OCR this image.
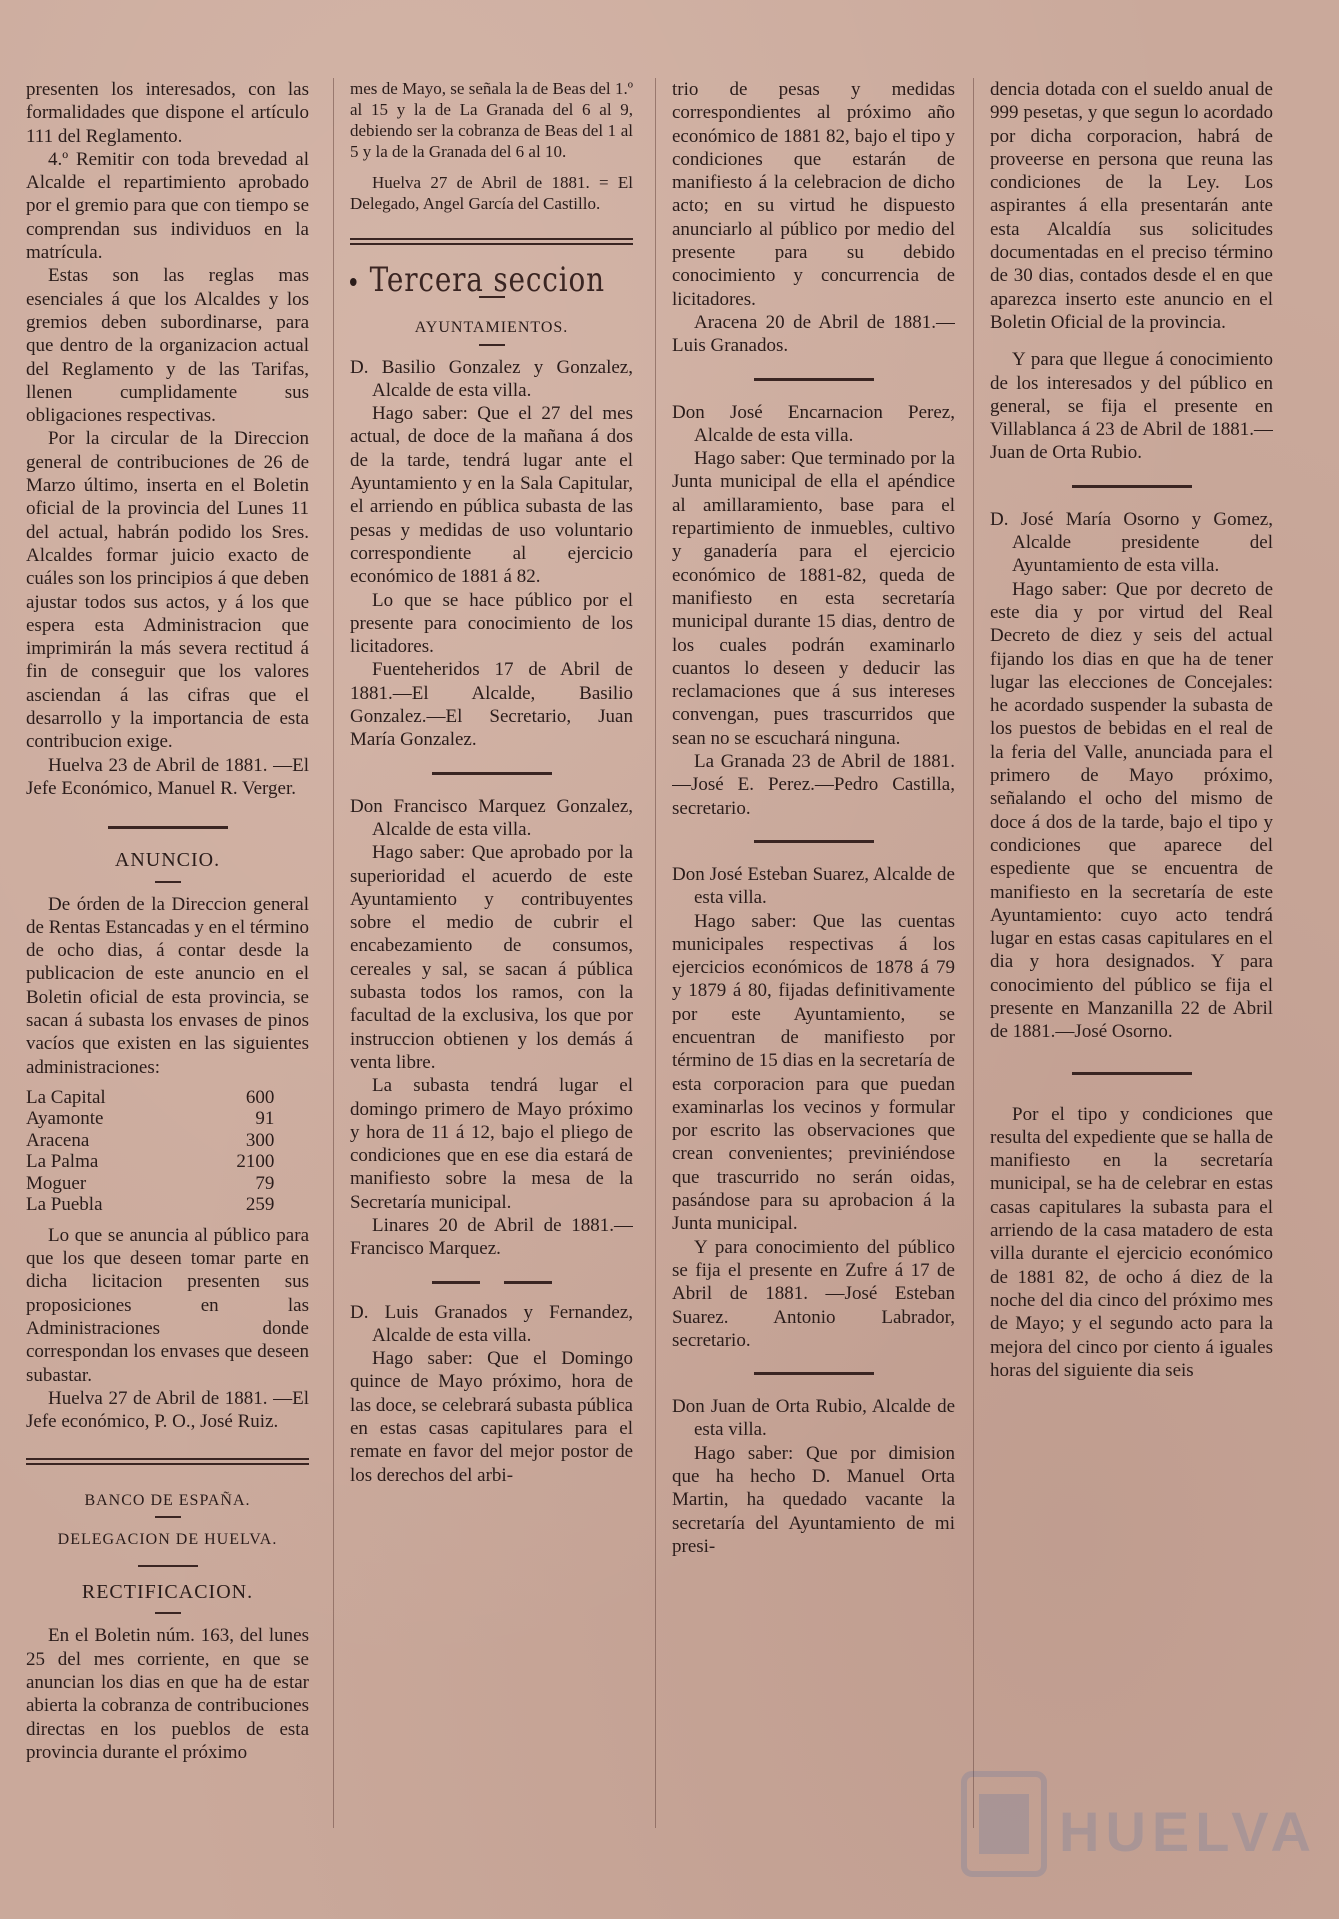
presenten los interesados, con las formalidades que dispone el artículo 111 del Reglamento.

4.º Remitir con toda brevedad al Alcalde el repartimiento aprobado por el gremio para que con tiempo se comprendan sus individuos en la matrícula.

Estas son las reglas mas esenciales á que los Alcaldes y los gremios deben subordinarse, para que dentro de la organizacion actual del Reglamento y de las Tarifas, llenen cumplidamente sus obligaciones respectivas.

Por la circular de la Direccion general de contribuciones de 26 de Marzo último, inserta en el Boletin oficial de la provincia del Lunes 11 del actual, habrán podido los Sres. Alcaldes formar juicio exacto de cuáles son los principios á que deben ajustar todos sus actos, y á los que espera esta Administracion que imprimirán la más severa rectitud á fin de conseguir que los valores asciendan á las cifras que el desarrollo y la importancia de esta contribucion exige.

Huelva 23 de Abril de 1881. —El Jefe Económico, Manuel R. Verger.

ANUNCIO.

De órden de la Direccion general de Rentas Estancadas y en el término de ocho dias, á contar desde la publicacion de este anuncio en el Boletin oficial de esta provincia, se sacan á subasta los envases de pinos vacíos que existen en las siguientes administraciones:

La Capital	600
Ayamonte	91
Aracena	300
La Palma	2100
Moguer	79
La Puebla	259

Lo que se anuncia al público para que los que deseen tomar parte en dicha licitacion presenten sus proposiciones en las Administraciones donde correspondan los envases que deseen subastar.

Huelva 27 de Abril de 1881. —El Jefe económico, P. O., José Ruiz.

BANCO DE ESPAÑA.
DELEGACION DE HUELVA.
RECTIFICACION.

En el Boletin núm. 163, del lunes 25 del mes corriente, en que se anuncian los dias en que ha de estar abierta la cobranza de contribuciones directas en los pueblos de esta provincia durante el próximo

mes de Mayo, se señala la de Beas del 1.º al 15 y la de La Granada del 6 al 9, debiendo ser la cobranza de Beas del 1 al 5 y la de la Granada del 6 al 10.

Huelva 27 de Abril de 1881. = El Delegado, Angel García del Castillo.

Tercera seccion
AYUNTAMIENTOS.

D. Basilio Gonzalez y Gonzalez, Alcalde de esta villa.

Hago saber: Que el 27 del mes actual, de doce de la mañana á dos de la tarde, tendrá lugar ante el Ayuntamiento y en la Sala Capitular, el arriendo en pública subasta de las pesas y medidas de uso voluntario correspondiente al ejercicio económico de 1881 á 82.

Lo que se hace público por el presente para conocimiento de los licitadores.

Fuenteheridos 17 de Abril de 1881.—El Alcalde, Basilio Gonzalez.—El Secretario, Juan María Gonzalez.

Don Francisco Marquez Gonzalez, Alcalde de esta villa.

Hago saber: Que aprobado por la superioridad el acuerdo de este Ayuntamiento y contribuyentes sobre el medio de cubrir el encabezamiento de consumos, cereales y sal, se sacan á pública subasta todos los ramos, con la facultad de la exclusiva, los que por instruccion obtienen y los demás á venta libre.

La subasta tendrá lugar el domingo primero de Mayo próximo y hora de 11 á 12, bajo el pliego de condiciones que en ese dia estará de manifiesto sobre la mesa de la Secretaría municipal.

Linares 20 de Abril de 1881.—Francisco Marquez.

D. Luis Granados y Fernandez, Alcalde de esta villa.

Hago saber: Que el Domingo quince de Mayo próximo, hora de las doce, se celebrará subasta pública en estas casas capitulares para el remate en favor del mejor postor de los derechos del arbi-

trio de pesas y medidas correspondientes al próximo año económico de 1881 82, bajo el tipo y condiciones que estarán de manifiesto á la celebracion de dicho acto; en su virtud he dispuesto anunciarlo al público por medio del presente para su debido conocimiento y concurrencia de licitadores.

Aracena 20 de Abril de 1881.—Luis Granados.

Don José Encarnacion Perez, Alcalde de esta villa.

Hago saber: Que terminado por la Junta municipal de ella el apéndice al amillaramiento, base para el repartimiento de inmuebles, cultivo y ganadería para el ejercicio económico de 1881-82, queda de manifiesto en esta secretaría municipal durante 15 dias, dentro de los cuales podrán examinarlo cuantos lo deseen y deducir las reclamaciones que á sus intereses convengan, pues trascurridos que sean no se escuchará ninguna.

La Granada 23 de Abril de 1881.—José E. Perez.—Pedro Castilla, secretario.

Don José Esteban Suarez, Alcalde de esta villa.

Hago saber: Que las cuentas municipales respectivas á los ejercicios económicos de 1878 á 79 y 1879 á 80, fijadas definitivamente por este Ayuntamiento, se encuentran de manifiesto por término de 15 dias en la secretaría de esta corporacion para que puedan examinarlas los vecinos y formular por escrito las observaciones que crean convenientes; previniéndose que trascurrido no serán oidas, pasándose para su aprobacion á la Junta municipal.

Y para conocimiento del público se fija el presente en Zufre á 17 de Abril de 1881. —José Esteban Suarez. Antonio Labrador, secretario.

Don Juan de Orta Rubio, Alcalde de esta villa.

Hago saber: Que por dimision que ha hecho D. Manuel Orta Martin, ha quedado vacante la secretaría del Ayuntamiento de mi presi-

dencia dotada con el sueldo anual de 999 pesetas, y que segun lo acordado por dicha corporacion, habrá de proveerse en persona que reuna las condiciones de la Ley. Los aspirantes á ella presentarán ante esta Alcaldía sus solicitudes documentadas en el preciso término de 30 dias, contados desde el en que aparezca inserto este anuncio en el Boletin Oficial de la provincia.

Y para que llegue á conocimiento de los interesados y del público en general, se fija el presente en Villablanca á 23 de Abril de 1881.—Juan de Orta Rubio.

D. José María Osorno y Gomez, Alcalde presidente del Ayuntamiento de esta villa.

Hago saber: Que por decreto de este dia y por virtud del Real Decreto de diez y seis del actual fijando los dias en que ha de tener lugar las elecciones de Concejales: he acordado suspender la subasta de los puestos de bebidas en el real de la feria del Valle, anunciada para el primero de Mayo próximo, señalando el ocho del mismo de doce á dos de la tarde, bajo el tipo y condiciones que aparece del espediente que se encuentra de manifiesto en la secretaría de este Ayuntamiento: cuyo acto tendrá lugar en estas casas capitulares en el dia y hora designados. Y para conocimiento del público se fija el presente en Manzanilla 22 de Abril de 1881.—José Osorno.

Por el tipo y condiciones que resulta del expediente que se halla de manifiesto en la secretaría municipal, se ha de celebrar en estas casas capitulares la subasta para el arriendo de la casa matadero de esta villa durante el ejercicio económico de 1881 82, de ocho á diez de la noche del dia cinco del próximo mes de Mayo; y el segundo acto para la mejora del cinco por ciento á iguales horas del siguiente dia seis

HUELVA
